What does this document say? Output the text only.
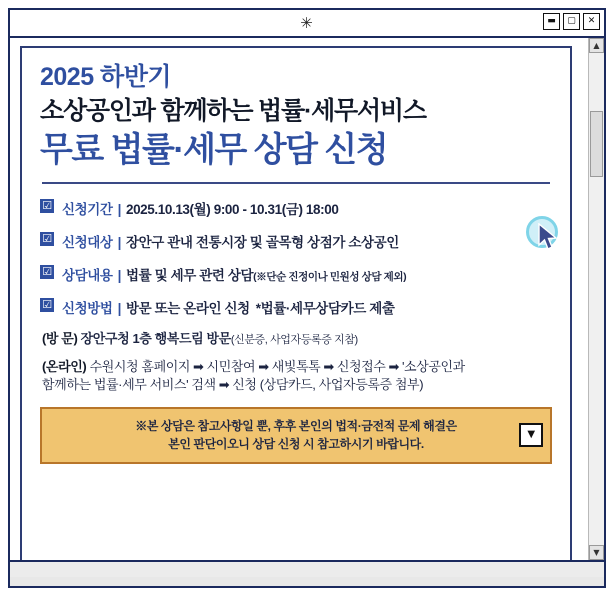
✳	▬	▢	✕
2025 하반기
소상공인과 함께하는 법률·세무서비스
무료 법률·세무 상담 신청
☑ 신청기간 | 2025.10.13(월) 9:00 - 10.31(금) 18:00
☑ 신청대상 | 장안구 관내 전통시장 및 골목형 상점가 소상공인
☑ 상담내용 | 법률 및 세무 관련 상담(※단순 진정이나 민원성 상담 제외)
☑ 신청방법 | 방문 또는 온라인 신청 *법률·세무상담카드 제출
(방 문) 장안구청 1층 행복드림 방문(신분증, 사업자등록증 지참)
(온라인) 수원시청 홈페이지 ➡ 시민참여 ➡ 새빛톡톡 ➡ 신청접수 ➡ '소상공인과
함께하는 법률·세무 서비스' 검색 ➡ 신청 (상담카드, 사업자등록증 첨부)
※본 상담은 참고사항일 뿐, 후후 본인의 법적·금전적 문제 해결은
본인 판단이오니 상담 신청 시 참고하시기 바랍니다.
▼
▲
▼
